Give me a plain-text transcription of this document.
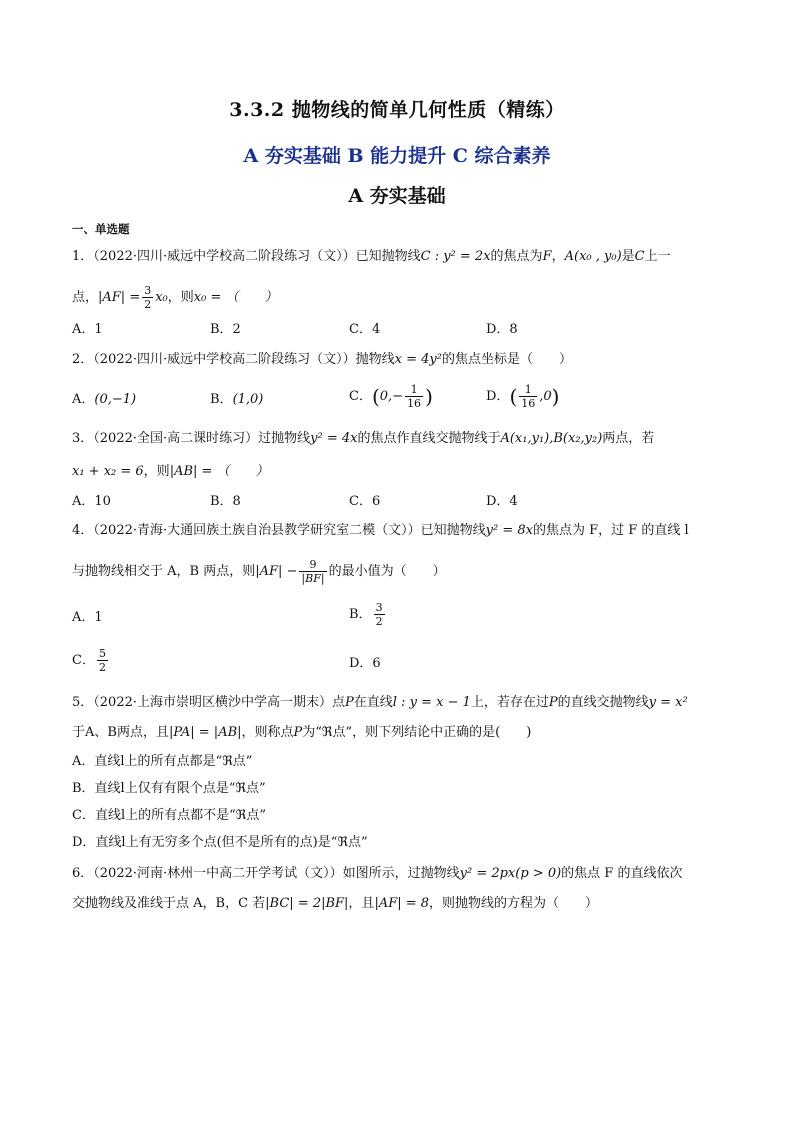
3.3.2 抛物线的简单几何性质（精练）
A 夯实基础 B 能力提升 C 综合素养
A 夯实基础
一、单选题
1．（2022·四川·威远中学校高二阶段练习（文））已知抛物线C : y² = 2x的焦点为F，A(x₀ , y₀)是C上一
点，$|AF| = \frac{3}{2} x_0$，则x₀ = （　　）
A．1	B．2	C．4	D．8
2．（2022·四川·威远中学校高二阶段练习（文））抛物线x = 4y²的焦点坐标是（　　）
A．(0,−1)	B．(1,0)	C．($0,- \frac{1}{16}$ )	D．( $\frac{1}{16} ,0$)
3．（2022·全国·高二课时练习）过抛物线y² = 4x的焦点作直线交抛物线于A(x₁,y₁),B(x₂,y₂)两点，若
x₁ + x₂ = 6，则|AB| = （　　）
A．10	B．8	C．6	D．4
4．（2022·青海·大通回族土族自治县教学研究室二模（文））已知抛物线y² = 8x的焦点为 F，过 F 的直线 l
与抛物线相交于 A，B 两点，则$|AF| - \frac{9}{|BF|}$ 的最小值为（　　）
A．1	B． $\frac{3}{2}$
C． $\frac{5}{2}$	D．6
5．（2022·上海市崇明区横沙中学高一期末）点P在直线l : y = x − 1上，若存在过P的直线交抛物线y = x²
于A、B两点，且|PA| = |AB|，则称点P为“ℜ点”，则下列结论中正确的是(　　)
A．直线l上的所有点都是“ℜ点”
B．直线l上仅有有限个点是“ℜ点”
C．直线l上的所有点都不是“ℜ点”
D．直线l上有无穷多个点(但不是所有的点)是“ℜ点”
6．（2022·河南·林州一中高二开学考试（文））如图所示，过抛物线y² = 2px(p > 0)的焦点 F 的直线依次
交抛物线及准线于点 A，B，C 若|BC| = 2|BF|，且|AF| = 8，则抛物线的方程为（　　）
